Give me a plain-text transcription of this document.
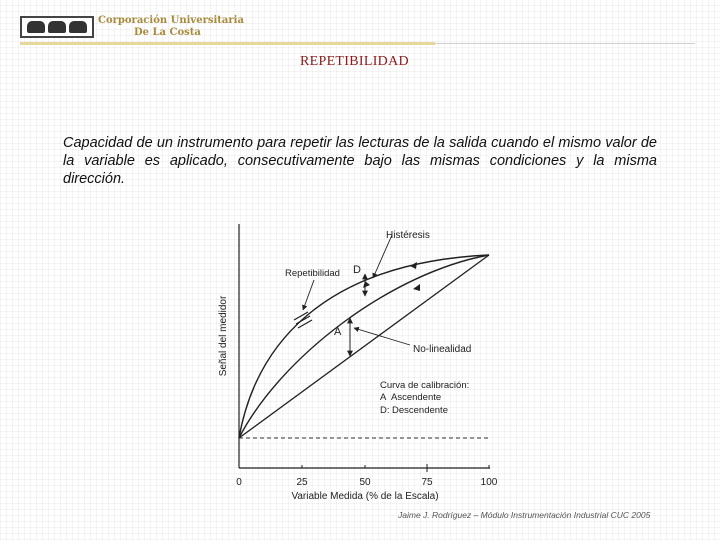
Corporación Universitaria
De La Costa
REPETIBILIDAD
Capacidad de un instrumento para repetir las lecturas de la salida cuando el mismo valor de la variable es aplicado, consecutivamente bajo las mismas condiciones y la misma dirección.
Histéresis
Repetibilidad D
A
No-linealidad
Curva de calibración:
A Ascendente
D: Descendente
0	25	50	75	100
Variable Medida (% de la Escala)
Señal del medidor
Jaime J. Rodríguez – Módulo Instrumentación Industrial CUC 2005
